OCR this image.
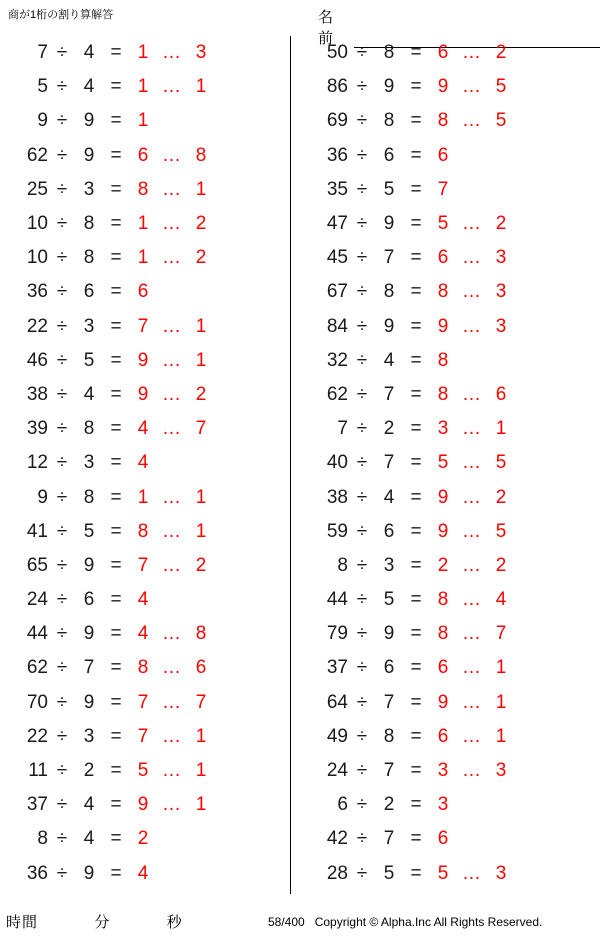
商が1桁の割り算解答	名前
7 ÷ 4 = 1 … 3
5 ÷ 4 = 1 … 1
9 ÷ 9 = 1
62 ÷ 9 = 6 … 8
25 ÷ 3 = 8 … 1
10 ÷ 8 = 1 … 2
10 ÷ 8 = 1 … 2
36 ÷ 6 = 6
22 ÷ 3 = 7 … 1
46 ÷ 5 = 9 … 1
38 ÷ 4 = 9 … 2
39 ÷ 8 = 4 … 7
12 ÷ 3 = 4
9 ÷ 8 = 1 … 1
41 ÷ 5 = 8 … 1
65 ÷ 9 = 7 … 2
24 ÷ 6 = 4
44 ÷ 9 = 4 … 8
62 ÷ 7 = 8 … 6
70 ÷ 9 = 7 … 7
22 ÷ 3 = 7 … 1
11 ÷ 2 = 5 … 1
37 ÷ 4 = 9 … 1
8 ÷ 4 = 2
36 ÷ 9 = 4
50 ÷ 8 = 6 … 2
86 ÷ 9 = 9 … 5
69 ÷ 8 = 8 … 5
36 ÷ 6 = 6
35 ÷ 5 = 7
47 ÷ 9 = 5 … 2
45 ÷ 7 = 6 … 3
67 ÷ 8 = 8 … 3
84 ÷ 9 = 9 … 3
32 ÷ 4 = 8
62 ÷ 7 = 8 … 6
7 ÷ 2 = 3 … 1
40 ÷ 7 = 5 … 5
38 ÷ 4 = 9 … 2
59 ÷ 6 = 9 … 5
8 ÷ 3 = 2 … 2
44 ÷ 5 = 8 … 4
79 ÷ 9 = 8 … 7
37 ÷ 6 = 6 … 1
64 ÷ 7 = 9 … 1
49 ÷ 8 = 6 … 1
24 ÷ 7 = 3 … 3
6 ÷ 2 = 3
42 ÷ 7 = 6
28 ÷ 5 = 5 … 3
時間	分	秒	58/400 Copyright © Alpha.Inc All Rights Reserved.
